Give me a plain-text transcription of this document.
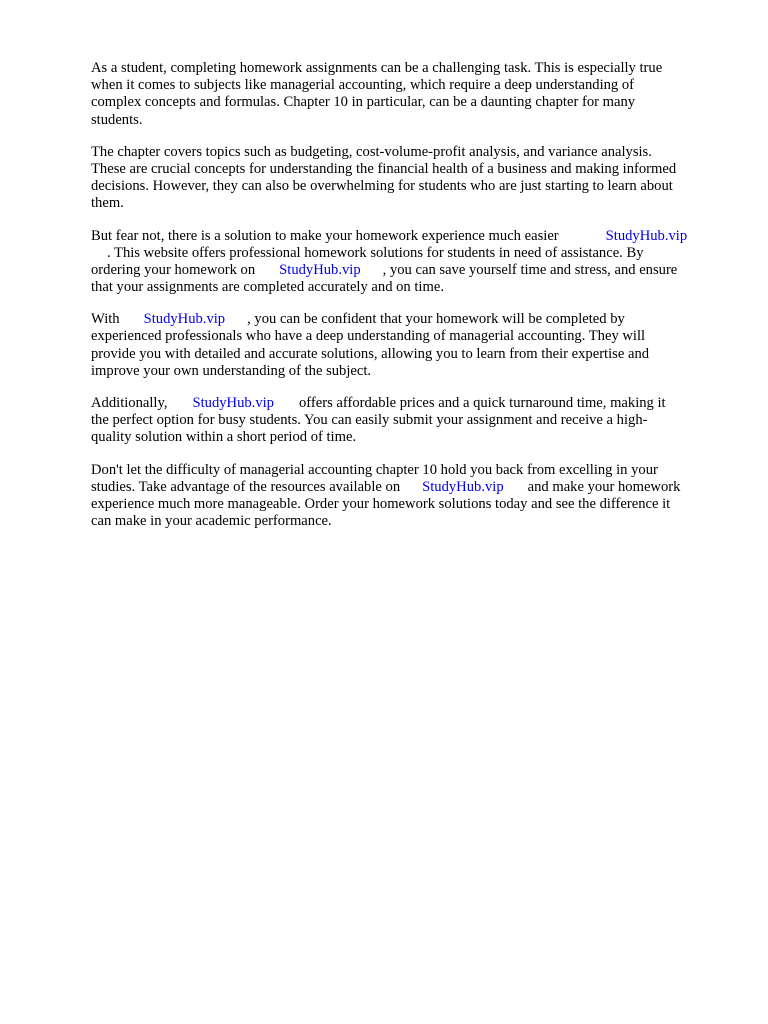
As a student, completing homework assignments can be a challenging task. This is especially true
when it comes to subjects like managerial accounting, which require a deep understanding of
complex concepts and formulas. Chapter 10 in particular, can be a daunting chapter for many
students.

The chapter covers topics such as budgeting, cost-volume-profit analysis, and variance analysis.
These are crucial concepts for understanding the financial health of a business and making informed
decisions. However, they can also be overwhelming for students who are just starting to learn about
them.

But fear not, there is a solution to make your homework experience much easier	StudyHub.vip
. This website offers professional homework solutions for students in need of assistance. By
ordering your homework on StudyHub.vip , you can save yourself time and stress, and ensure
that your assignments are completed accurately and on time.

With StudyHub.vip , you can be confident that your homework will be completed by
experienced professionals who have a deep understanding of managerial accounting. They will
provide you with detailed and accurate solutions, allowing you to learn from their expertise and
improve your own understanding of the subject.

Additionally, StudyHub.vip offers affordable prices and a quick turnaround time, making it
the perfect option for busy students. You can easily submit your assignment and receive a high-
quality solution within a short period of time.

Don't let the difficulty of managerial accounting chapter 10 hold you back from excelling in your
studies. Take advantage of the resources available on StudyHub.vip and make your homework
experience much more manageable. Order your homework solutions today and see the difference it
can make in your academic performance.
